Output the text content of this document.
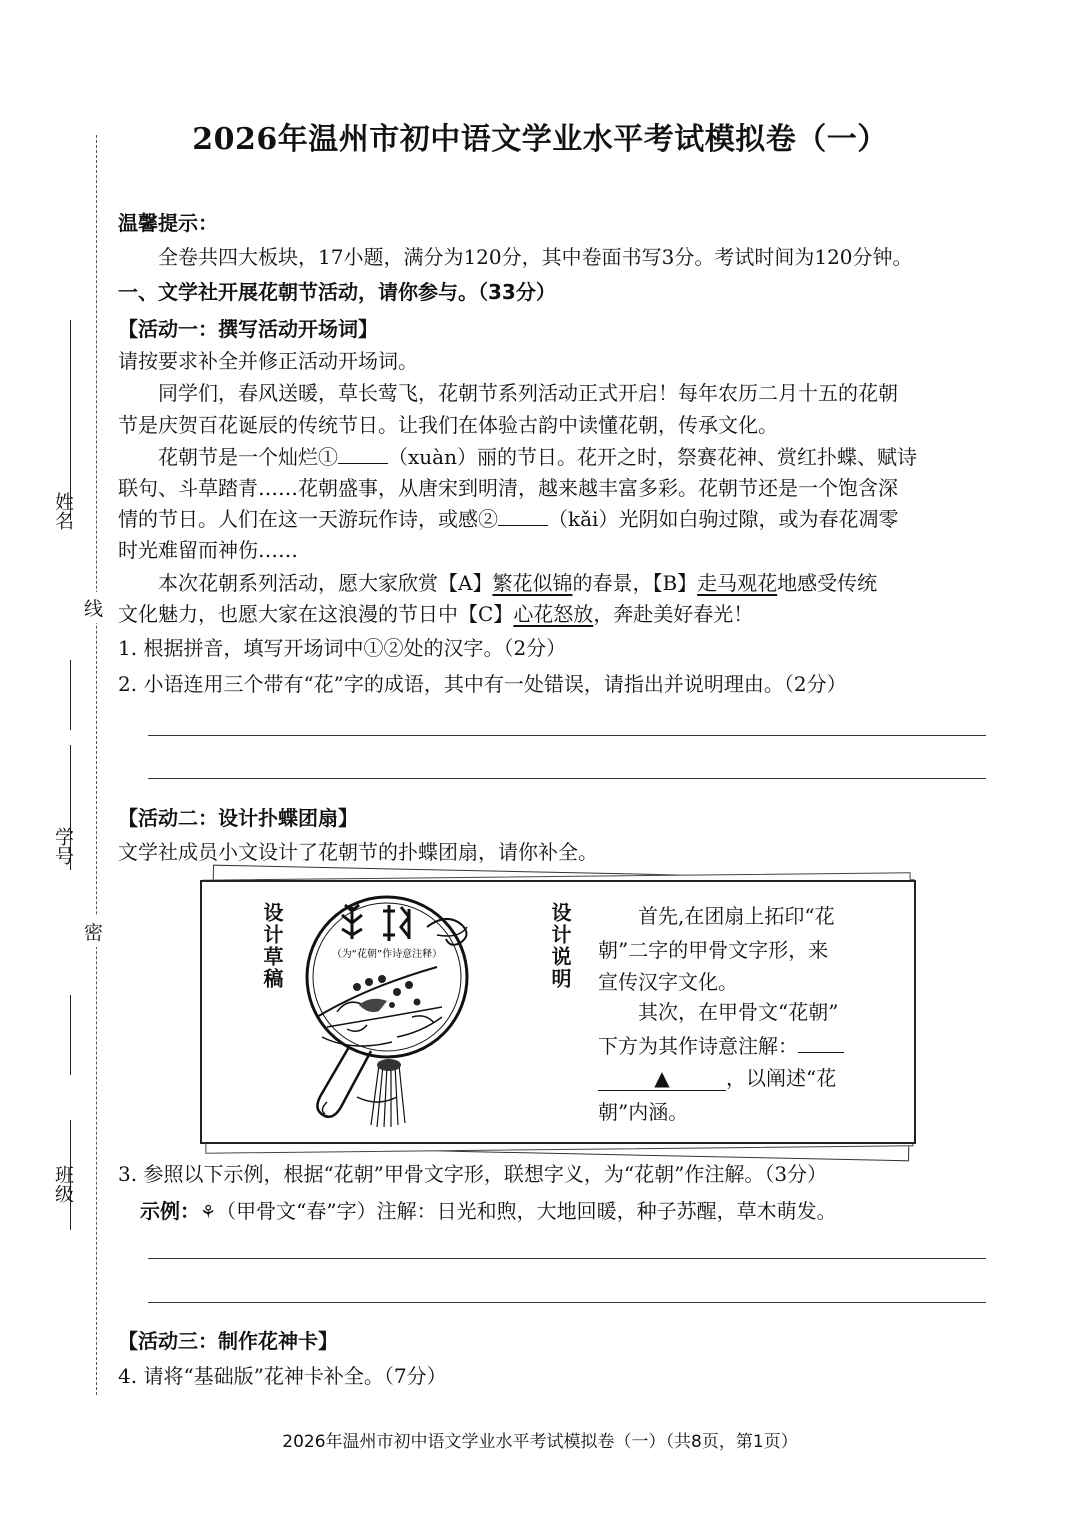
姓名
学号
班级
线
密
2026年温州市初中语文学业水平考试模拟卷（一）
温馨提示：
全卷共四大板块，17小题，满分为120分，其中卷面书写3分。考试时间为120分钟。
一、文学社开展花朝节活动，请你参与。（33分）
【活动一：撰写活动开场词】
请按要求补全并修正活动开场词。
同学们，春风送暖，草长莺飞，花朝节系列活动正式开启！每年农历二月十五的花朝
节是庆贺百花诞辰的传统节日。让我们在体验古韵中读懂花朝，传承文化。
花朝节是一个灿烂①	（xuàn）丽的节日。花开之时，祭赛花神、赏红扑蝶、赋诗
联句、斗草踏青……花朝盛事，从唐宋到明清，越来越丰富多彩。花朝节还是一个饱含深
情的节日。人们在这一天游玩作诗，或感②	（kǎi）光阴如白驹过隙，或为春花凋零
时光难留而神伤……
本次花朝系列活动，愿大家欣赏【A】繁花似锦的春景，【B】走马观花地感受传统
文化魅力，也愿大家在这浪漫的节日中【C】心花怒放，奔赴美好春光！
1. 根据拼音，填写开场词中①②处的汉字。（2分）
2. 小语连用三个带有“花”字的成语，其中有一处错误，请指出并说明理由。（2分）
【活动二：设计扑蝶团扇】
文学社成员小文设计了花朝节的扑蝶团扇，请你补全。
设计草稿	（为“花朝”作诗意注释）	设计说明	首先,在团扇上拓印“花
朝”二字的甲骨文字形，来
宣传汉字文化。
其次，在甲骨文“花朝”
下方为其作诗意注解：
▲	，以阐述“花
朝”内涵。
3. 参照以下示例，根据“花朝”甲骨文字形，联想字义，为“花朝”作注解。（3分）
示例：⚘（甲骨文“春”字）注解：日光和煦，大地回暖，种子苏醒，草木萌发。
【活动三：制作花神卡】
4. 请将“基础版”花神卡补全。（7分）
2026年温州市初中语文学业水平考试模拟卷（一）（共8页，第1页）
